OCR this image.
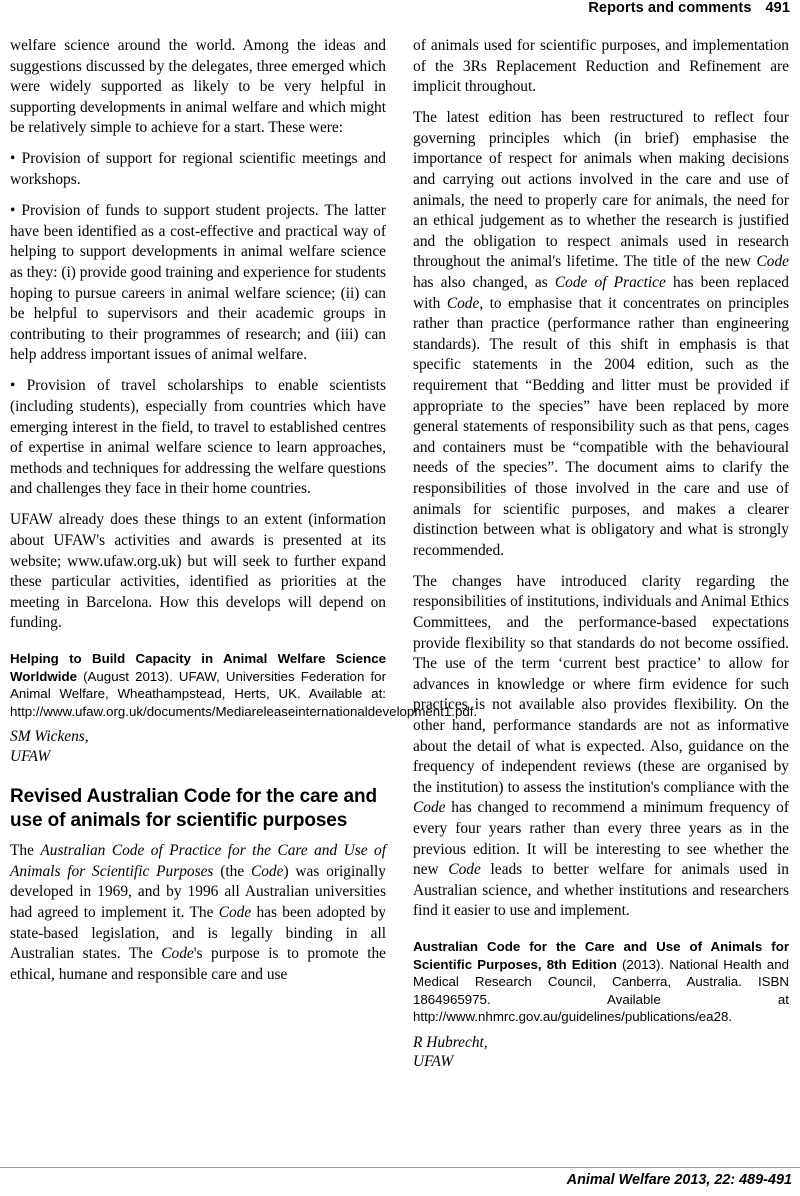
Reports and comments 491

welfare science around the world. Among the ideas and suggestions discussed by the delegates, three emerged which were widely supported as likely to be very helpful in supporting developments in animal welfare and which might be relatively simple to achieve for a start. These were:

• Provision of support for regional scientific meetings and workshops.

• Provision of funds to support student projects. The latter have been identified as a cost-effective and practical way of helping to support developments in animal welfare science as they: (i) provide good training and experience for students hoping to pursue careers in animal welfare science; (ii) can be helpful to supervisors and their academic groups in contributing to their programmes of research; and (iii) can help address important issues of animal welfare.

• Provision of travel scholarships to enable scientists (including students), especially from countries which have emerging interest in the field, to travel to established centres of expertise in animal welfare science to learn approaches, methods and techniques for addressing the welfare questions and challenges they face in their home countries.

UFAW already does these things to an extent (information about UFAW's activities and awards is presented at its website; www.ufaw.org.uk) but will seek to further expand these particular activities, identified as priorities at the meeting in Barcelona. How this develops will depend on funding.

Helping to Build Capacity in Animal Welfare Science Worldwide (August 2013). UFAW, Universities Federation for Animal Welfare, Wheathampstead, Herts, UK. Available at: http://www.ufaw.org.uk/documents/Mediareleaseinternationaldevelopment1.pdf.

SM Wickens,

UFAW

Revised Australian Code for the care and use of animals for scientific purposes

The Australian Code of Practice for the Care and Use of Animals for Scientific Purposes (the Code) was originally developed in 1969, and by 1996 all Australian universities had agreed to implement it. The Code has been adopted by state-based legislation, and is legally binding in all Australian states. The Code's purpose is to promote the ethical, humane and responsible care and use

of animals used for scientific purposes, and implementation of the 3Rs Replacement Reduction and Refinement are implicit throughout.

The latest edition has been restructured to reflect four governing principles which (in brief) emphasise the importance of respect for animals when making decisions and carrying out actions involved in the care and use of animals, the need to properly care for animals, the need for an ethical judgement as to whether the research is justified and the obligation to respect animals used in research throughout the animal's lifetime. The title of the new Code has also changed, as Code of Practice has been replaced with Code, to emphasise that it concentrates on principles rather than practice (performance rather than engineering standards). The result of this shift in emphasis is that specific statements in the 2004 edition, such as the requirement that “Bedding and litter must be provided if appropriate to the species” have been replaced by more general statements of responsibility such as that pens, cages and containers must be “compatible with the behavioural needs of the species”. The document aims to clarify the responsibilities of those involved in the care and use of animals for scientific purposes, and makes a clearer distinction between what is obligatory and what is strongly recommended.

The changes have introduced clarity regarding the responsibilities of institutions, individuals and Animal Ethics Committees, and the performance-based expectations provide flexibility so that standards do not become ossified. The use of the term ‘current best practice’ to allow for advances in knowledge or where firm evidence for such practices is not available also provides flexibility. On the other hand, performance standards are not as informative about the detail of what is expected. Also, guidance on the frequency of independent reviews (these are organised by the institution) to assess the institution's compliance with the Code has changed to recommend a minimum frequency of every four years rather than every three years as in the previous edition. It will be interesting to see whether the new Code leads to better welfare for animals used in Australian science, and whether institutions and researchers find it easier to use and implement.

Australian Code for the Care and Use of Animals for Scientific Purposes, 8th Edition (2013). National Health and Medical Research Council, Canberra, Australia. ISBN 1864965975. Available at http://www.nhmrc.gov.au/guidelines/publications/ea28.

R Hubrecht,

UFAW

Animal Welfare 2013, 22: 489-491
